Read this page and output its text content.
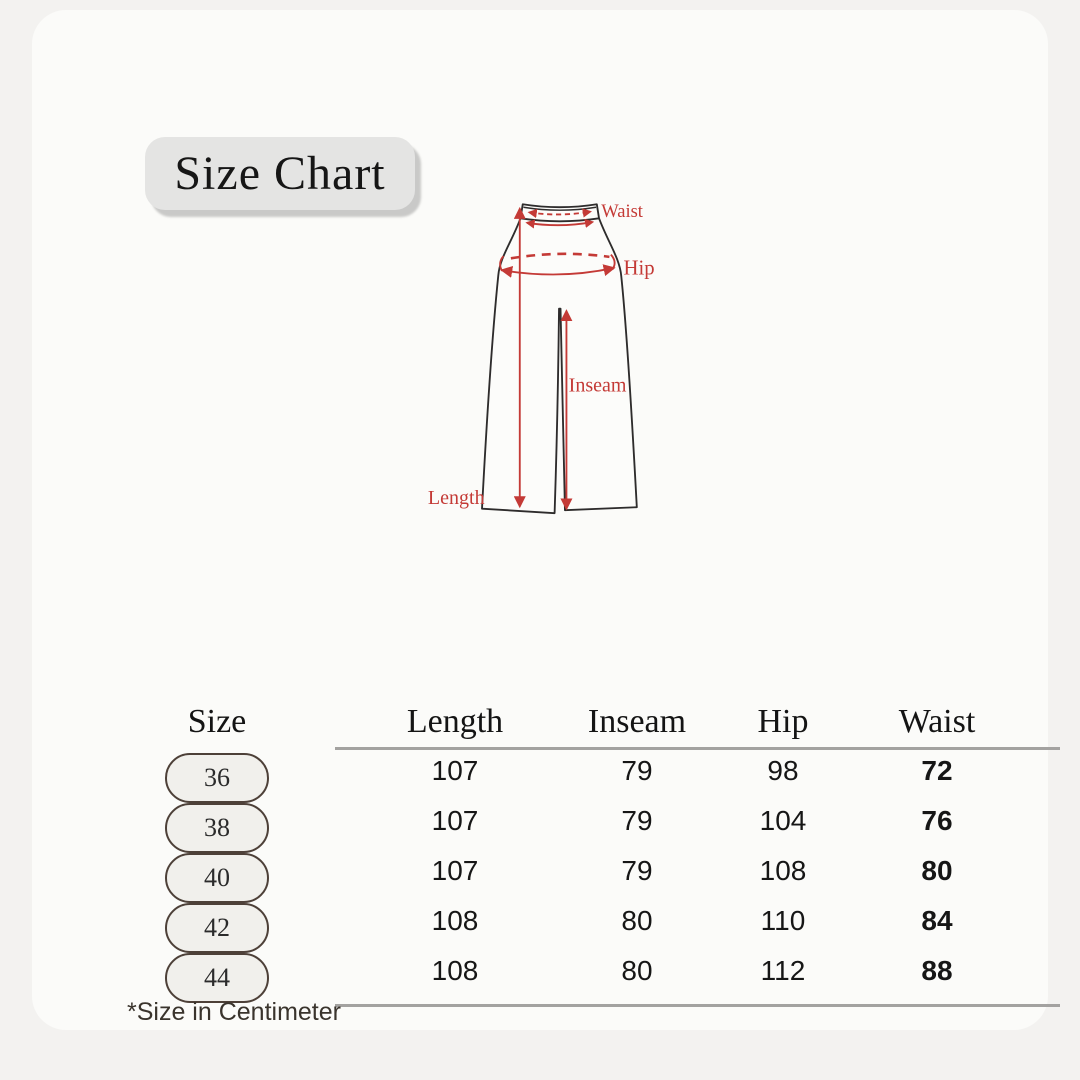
Size Chart
Waist
Hip
Inseam
Length
Size	Length	Inseam	Hip	Waist
36	107	79	98	72
38	107	79	104	76
40	107	79	108	80
42	108	80	110	84
44	108	80	112	88
*Size in Centimeter
